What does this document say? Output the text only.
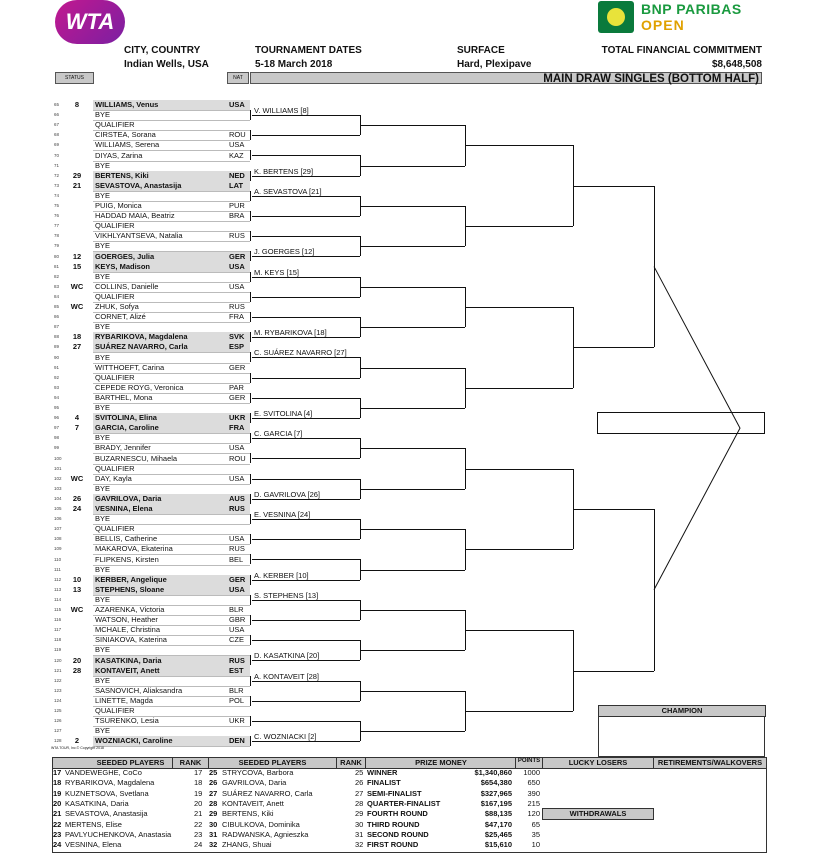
WTA	BNP PARIBAS
OPEN
CITY, COUNTRY
Indian Wells, USA
TOURNAMENT DATES
5-18 March 2018
SURFACE
Hard, Plexipave
TOTAL FINANCIAL COMMITMENT
$8,648,508
STATUS	NAT	MAIN DRAW SINGLES (BOTTOM HALF)
65	8	WILLIAMS, Venus	USA
66	BYE
67	QUALIFIER
68	CIRSTEA, Sorana	ROU
69	WILLIAMS, Serena	USA
70	DIYAS, Zarina	KAZ
71	BYE
72	29	BERTENS, Kiki	NED
73	21	SEVASTOVA, Anastasija	LAT
74	BYE
75	PUIG, Monica	PUR
76	HADDAD MAIA, Beatriz	BRA
77	QUALIFIER
78	VIKHLYANTSEVA, Natalia	RUS
79	BYE
80	12	GOERGES, Julia	GER
81	15	KEYS, Madison	USA
82	BYE
83	WC	COLLINS, Danielle	USA
84	QUALIFIER
85	WC	ZHUK, Sofya	RUS
86	CORNET, Alizé	FRA
87	BYE
88	18	RYBARIKOVA, Magdalena	SVK
89	27	SUÁREZ NAVARRO, Carla	ESP
90	BYE
91	WITTHOEFT, Carina	GER
92	QUALIFIER
93	CEPEDE ROYG, Veronica	PAR
94	BARTHEL, Mona	GER
95	BYE
96	4	SVITOLINA, Elina	UKR
97	7	GARCIA, Caroline	FRA
98	BYE
99	BRADY, Jennifer	USA
100	BUZARNESCU, Mihaela	ROU
101	QUALIFIER
102	WC	DAY, Kayla	USA
103	BYE
104	26	GAVRILOVA, Daria	AUS
105	24	VESNINA, Elena	RUS
106	BYE
107	QUALIFIER
108	BELLIS, Catherine	USA
109	MAKAROVA, Ekaterina	RUS
110	FLIPKENS, Kirsten	BEL
111	BYE
112	10	KERBER, Angelique	GER
113	13	STEPHENS, Sloane	USA
114	BYE
115	WC	AZARENKA, Victoria	BLR
116	WATSON, Heather	GBR
117	MCHALE, Christina	USA
118	SINIAKOVA, Katerina	CZE
119	BYE
120	20	KASATKINA, Daria	RUS
121	28	KONTAVEIT, Anett	EST
122	BYE
123	SASNOVICH, Aliaksandra	BLR
124	LINETTE, Magda	POL
125	QUALIFIER
126	TSURENKO, Lesia	UKR
127	BYE
128	2	WOZNIACKI, Caroline	DEN
V. WILLIAMS [8]
K. BERTENS [29]
A. SEVASTOVA [21]
J. GOERGES [12]
M. KEYS [15]
M. RYBARIKOVA [18]
C. SUÁREZ NAVARRO [27]
E. SVITOLINA [4]
C. GARCIA [7]
D. GAVRILOVA [26]
E. VESNINA [24]
A. KERBER [10]
S. STEPHENS [13]
D. KASATKINA [20]
A. KONTAVEIT [28]
C. WOZNIACKI [2]
CHAMPION
WTA TOUR, Inc.© Copyright 2018
SEEDED PLAYERS	RANK	SEEDED PLAYERS	RANK	PRIZE MONEY	POINTS	LUCKY LOSERS	RETIREMENTS/WALKOVERS
WITHDRAWALS
17 VANDEWEGHE, CoCo	17 25 STRYCOVA, Barbora	25 WINNER	$1,340,860 1000
18 RYBARIKOVA, Magdalena	18 26 GAVRILOVA, Daria	26 FINALIST	$654,380 650
19 KUZNETSOVA, Svetlana	19 27 SUÁREZ NAVARRO, Carla	27 SEMI-FINALIST	$327,965 390
20 KASATKINA, Daria	20 28 KONTAVEIT, Anett	28 QUARTER-FINALIST	$167,195 215
21 SEVASTOVA, Anastasija	21 29 BERTENS, Kiki	29 FOURTH ROUND	$88,135 120
22 MERTENS, Elise	22 30 CIBULKOVA, Dominika	30 THIRD ROUND	$47,170	65
23 PAVLYUCHENKOVA, Anastasia	23 31 RADWANSKA, Agnieszka	31 SECOND ROUND	$25,465	35
24 VESNINA, Elena	24 32 ZHANG, Shuai	32 FIRST ROUND	$15,610	10
